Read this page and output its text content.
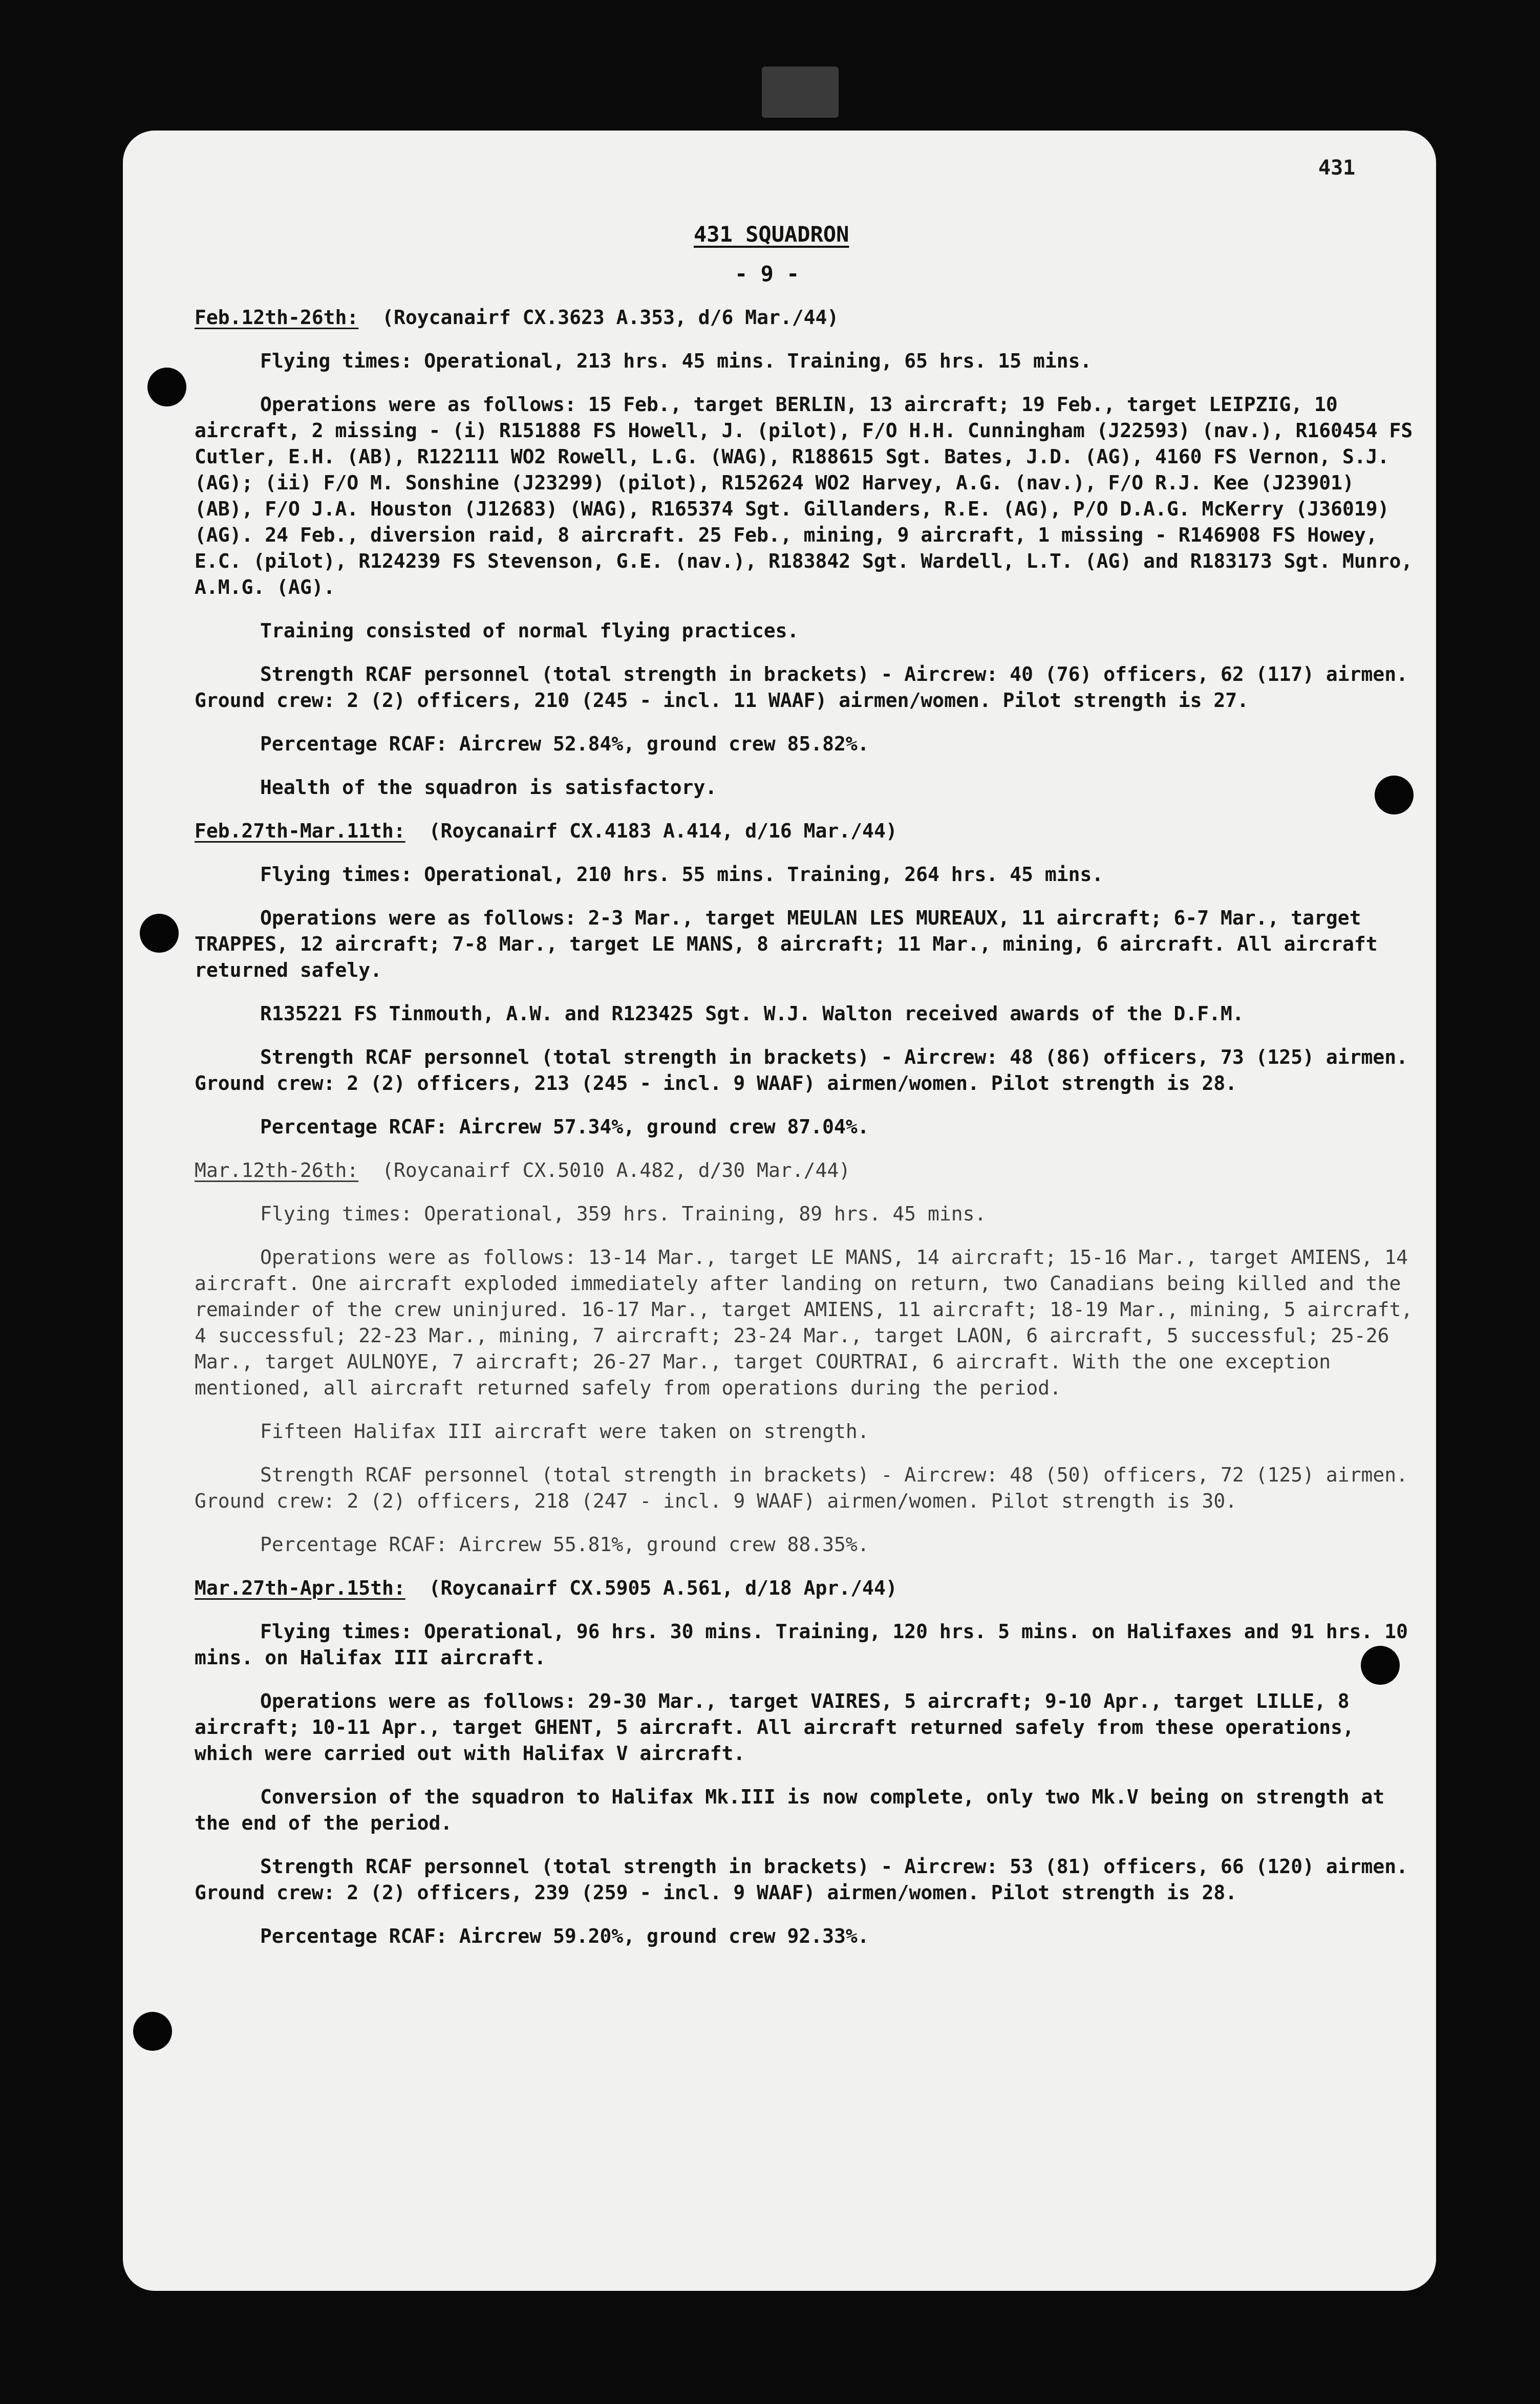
431

431 SQUADRON

- 9 -

Feb.12th-26th: (Roycanairf CX.3623 A.353, d/6 Mar./44)

Flying times: Operational, 213 hrs. 45 mins. Training, 65 hrs. 15 mins.

Operations were as follows: 15 Feb., target BERLIN, 13 aircraft; 19 Feb., target LEIPZIG, 10 aircraft, 2 missing - (i) R151888 FS Howell, J. (pilot), F/O H.H. Cunningham (J22593) (nav.), R160454 FS Cutler, E.H. (AB), R122111 WO2 Rowell, L.G. (WAG), R188615 Sgt. Bates, J.D. (AG), 4160 FS Vernon, S.J. (AG); (ii) F/O M. Sonshine (J23299) (pilot), R152624 WO2 Harvey, A.G. (nav.), F/O R.J. Kee (J23901) (AB), F/O J.A. Houston (J12683) (WAG), R165374 Sgt. Gillanders, R.E. (AG), P/O D.A.G. McKerry (J36019) (AG). 24 Feb., diversion raid, 8 aircraft. 25 Feb., mining, 9 aircraft, 1 missing - R146908 FS Howey, E.C. (pilot), R124239 FS Stevenson, G.E. (nav.), R183842 Sgt. Wardell, L.T. (AG) and R183173 Sgt. Munro, A.M.G. (AG).

Training consisted of normal flying practices.

Strength RCAF personnel (total strength in brackets) - Aircrew: 40 (76) officers, 62 (117) airmen. Ground crew: 2 (2) officers, 210 (245 - incl. 11 WAAF) airmen/women. Pilot strength is 27.

Percentage RCAF: Aircrew 52.84%, ground crew 85.82%.

Health of the squadron is satisfactory.

Feb.27th-Mar.11th: (Roycanairf CX.4183 A.414, d/16 Mar./44)

Flying times: Operational, 210 hrs. 55 mins. Training, 264 hrs. 45 mins.

Operations were as follows: 2-3 Mar., target MEULAN LES MUREAUX, 11 aircraft; 6-7 Mar., target TRAPPES, 12 aircraft; 7-8 Mar., target LE MANS, 8 aircraft; 11 Mar., mining, 6 aircraft. All aircraft returned safely.

R135221 FS Tinmouth, A.W. and R123425 Sgt. W.J. Walton received awards of the D.F.M.

Strength RCAF personnel (total strength in brackets) - Aircrew: 48 (86) officers, 73 (125) airmen. Ground crew: 2 (2) officers, 213 (245 - incl. 9 WAAF) airmen/women. Pilot strength is 28.

Percentage RCAF: Aircrew 57.34%, ground crew 87.04%.

Mar.12th-26th: (Roycanairf CX.5010 A.482, d/30 Mar./44)

Flying times: Operational, 359 hrs. Training, 89 hrs. 45 mins.

Operations were as follows: 13-14 Mar., target LE MANS, 14 aircraft; 15-16 Mar., target AMIENS, 14 aircraft. One aircraft exploded immediately after landing on return, two Canadians being killed and the remainder of the crew uninjured. 16-17 Mar., target AMIENS, 11 aircraft; 18-19 Mar., mining, 5 aircraft, 4 successful; 22-23 Mar., mining, 7 aircraft; 23-24 Mar., target LAON, 6 aircraft, 5 successful; 25-26 Mar., target AULNOYE, 7 aircraft; 26-27 Mar., target COURTRAI, 6 aircraft. With the one exception mentioned, all aircraft returned safely from operations during the period.

Fifteen Halifax III aircraft were taken on strength.

Strength RCAF personnel (total strength in brackets) - Aircrew: 48 (50) officers, 72 (125) airmen. Ground crew: 2 (2) officers, 218 (247 - incl. 9 WAAF) airmen/women. Pilot strength is 30.

Percentage RCAF: Aircrew 55.81%, ground crew 88.35%.

Mar.27th-Apr.15th: (Roycanairf CX.5905 A.561, d/18 Apr./44)

Flying times: Operational, 96 hrs. 30 mins. Training, 120 hrs. 5 mins. on Halifaxes and 91 hrs. 10 mins. on Halifax III aircraft.

Operations were as follows: 29-30 Mar., target VAIRES, 5 aircraft; 9-10 Apr., target LILLE, 8 aircraft; 10-11 Apr., target GHENT, 5 aircraft. All aircraft returned safely from these operations, which were carried out with Halifax V aircraft.

Conversion of the squadron to Halifax Mk.III is now complete, only two Mk.V being on strength at the end of the period.

Strength RCAF personnel (total strength in brackets) - Aircrew: 53 (81) officers, 66 (120) airmen. Ground crew: 2 (2) officers, 239 (259 - incl. 9 WAAF) airmen/women. Pilot strength is 28.

Percentage RCAF: Aircrew 59.20%, ground crew 92.33%.
